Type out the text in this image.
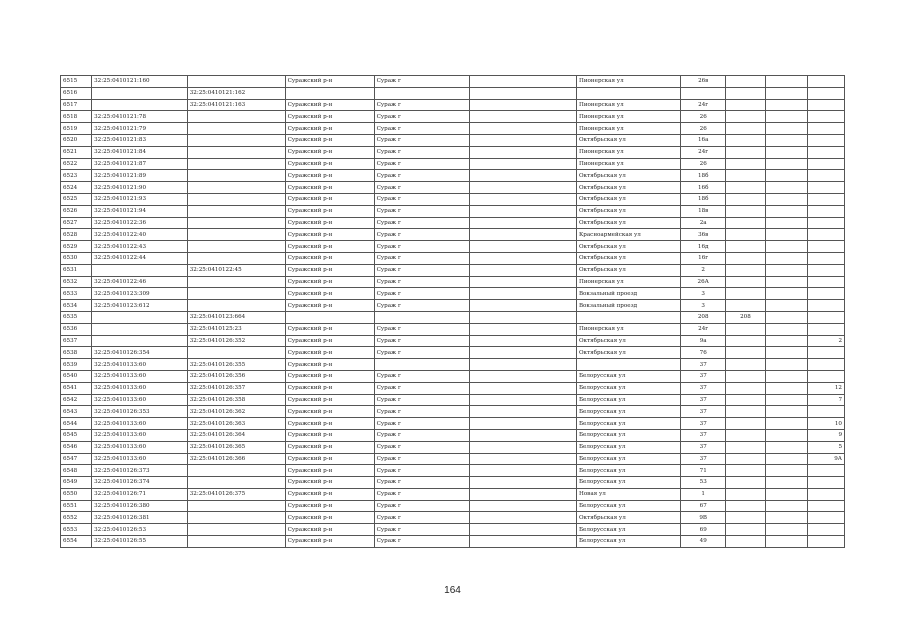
6515	32:25:0410121:160		Суражский р-н	Сураж г		Пионерская ул	26в			
6516		32:25:0410121:162								
6517		32:25:0410121:163	Суражский р-н	Сураж г		Пионерская ул	24г			
6518	32:25:0410121:78		Суражский р-н	Сураж г		Пионерская ул	26			
6519	32:25:0410121:79		Суражский р-н	Сураж г		Пионерская ул	26			
6520	32:25:0410121:83		Суражский р-н	Сураж г		Октябрьская ул	16а			
6521	32:25:0410121:84		Суражский р-н	Сураж г		Пионерская ул	24г			
6522	32:25:0410121:87		Суражский р-н	Сураж г		Пионерская ул	26			
6523	32:25:0410121:89		Суражский р-н	Сураж г		Октябрьская ул	18б			
6524	32:25:0410121:90		Суражский р-н	Сураж г		Октябрьская ул	16б			
6525	32:25:0410121:93		Суражский р-н	Сураж г		Октябрьская ул	18б			
6526	32:25:0410121:94		Суражский р-н	Сураж г		Октябрьская ул	18в			
6527	32:25:0410122:36		Суражский р-н	Сураж г		Октябрьская ул	2а			
6528	32:25:0410122:40		Суражский р-н	Сураж г		Красноармейская ул	36в			
6529	32:25:0410122:43		Суражский р-н	Сураж г		Октябрьская ул	16д			
6530	32:25:0410122:44		Суражский р-н	Сураж г		Октябрьская ул	16г			
6531		32:25:0410122:45	Суражский р-н	Сураж г		Октябрьская ул	2			
6532	32:25:0410122:46		Суражский р-н	Сураж г		Пионерская ул	26А			
6533	32:25:0410123:309		Суражский р-н	Сураж г		Вокзальный проезд	3			
6534	32:25:0410123:612		Суражский р-н	Сураж г		Вокзальный проезд	3			
6535		32:25:0410123:664					208	208		
6536		32:25:0410125:23	Суражский р-н	Сураж г		Пионерская ул	24г			
6537		32:25:0410126:352	Суражский р-н	Сураж г		Октябрьская ул	9а			2
6538	32:25:0410126:354		Суражский р-н	Сураж г		Октябрьская ул	76			
6539	32:25:0410133:60	32:25:0410126:355	Суражский р-н				37			
6540	32:25:0410133:60	32:25:0410126:356	Суражский р-н	Сураж г		Белорусская ул	37			
6541	32:25:0410133:60	32:25:0410126:357	Суражский р-н	Сураж г		Белорусская ул	37			12
6542	32:25:0410133:60	32:25:0410126:358	Суражский р-н	Сураж г		Белорусская ул	37			7
6543	32:25:0410126:353	32:25:0410126:362	Суражский р-н	Сураж г		Белорусская ул	37			
6544	32:25:0410133:60	32:25:0410126:363	Суражский р-н	Сураж г		Белорусская ул	37			10
6545	32:25:0410133:60	32:25:0410126:364	Суражский р-н	Сураж г		Белорусская ул	37			9
6546	32:25:0410133:60	32:25:0410126:365	Суражский р-н	Сураж г		Белорусская ул	37			5
6547	32:25:0410133:60	32:25:0410126:366	Суражский р-н	Сураж г		Белорусская ул	37			9А
6548	32:25:0410126:373		Суражский р-н	Сураж г		Белорусская ул	71			
6549	32:25:0410126:374		Суражский р-н	Сураж г		Белорусская ул	53			
6550	32:25:0410126:71	32:25:0410126:375	Суражский р-н	Сураж г		Новая ул	1			
6551	32:25:0410126:380		Суражский р-н	Сураж г		Белорусская ул	67			
6552	32:25:0410126:381		Суражский р-н	Сураж г		Октябрьская ул	9В			
6553	32:25:0410126:53		Суражский р-н	Сураж г		Белорусская ул	69			
6554	32:25:0410126:55		Суражский р-н	Сураж г		Белорусская ул	49			
164
